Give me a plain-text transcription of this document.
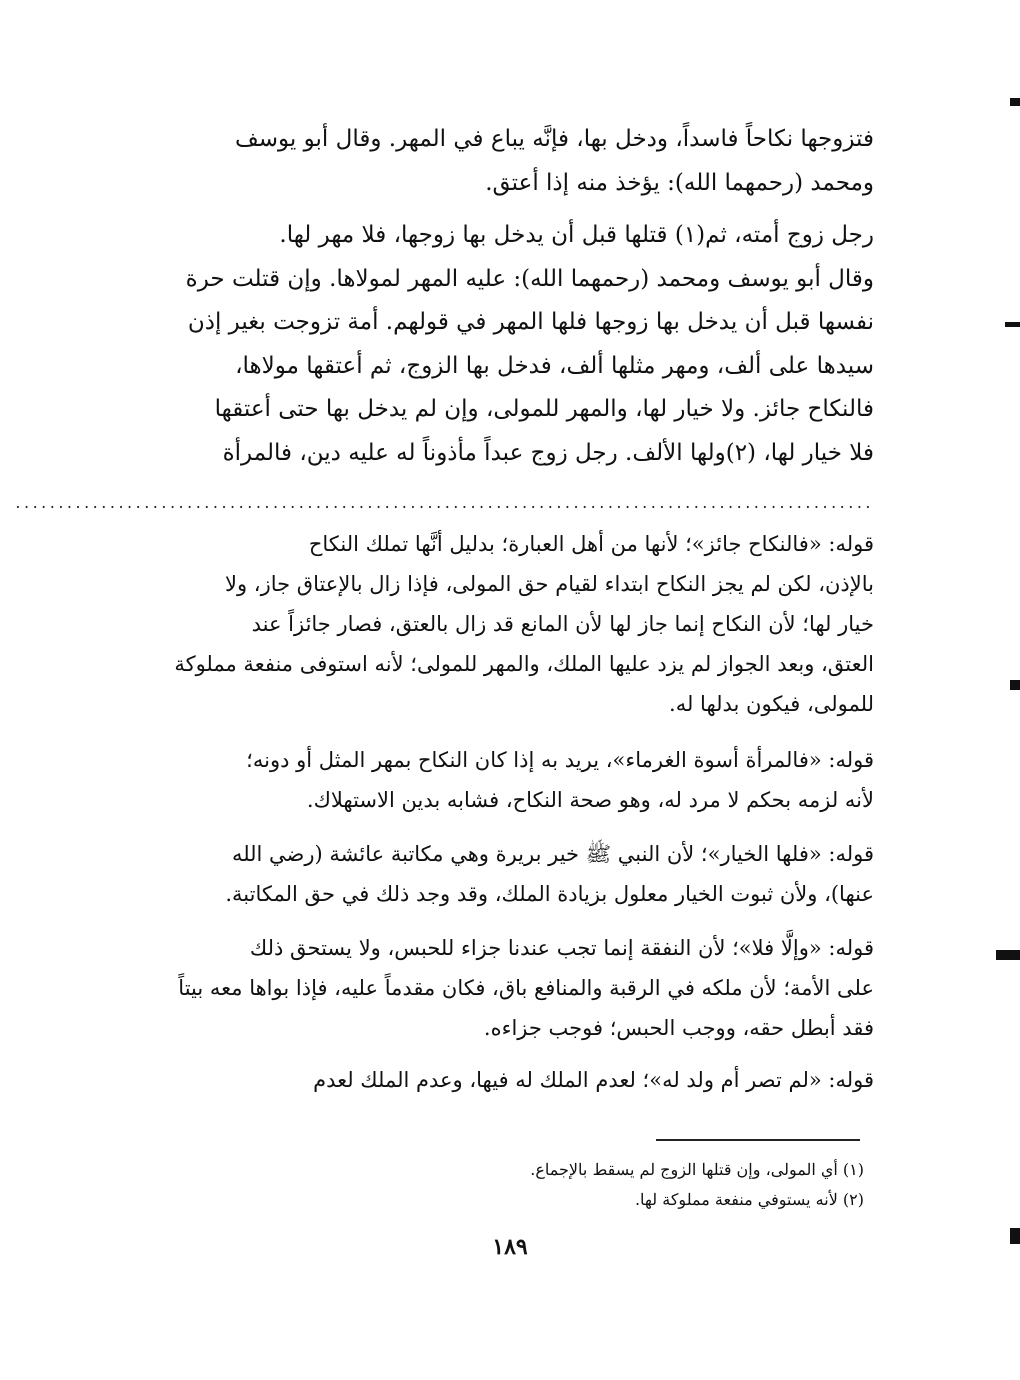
فتزوجها نكاحاً فاسداً، ودخل بها، فإنَّه يباع في المهر. وقال أبو يوسف
ومحمد (رحمهما الله): يؤخذ منه إذا أعتق.
رجل زوج أمته، ثم(١) قتلها قبل أن يدخل بها زوجها، فلا مهر لها.
وقال أبو يوسف ومحمد (رحمهما الله): عليه المهر لمولاها. وإن قتلت حرة
نفسها قبل أن يدخل بها زوجها فلها المهر في قولهم. أمة تزوجت بغير إذن
سيدها على ألف، ومهر مثلها ألف، فدخل بها الزوج، ثم أعتقها مولاها،
فالنكاح جائز. ولا خيار لها، والمهر للمولى، وإن لم يدخل بها حتى أعتقها
فلا خيار لها، (٢)ولها الألف. رجل زوج عبداً مأذوناً له عليه دين، فالمرأة
....................................................................................................
قوله: «فالنكاح جائز»؛ لأنها من أهل العبارة؛ بدليل أنَّها تملك النكاح
بالإذن، لكن لم يجز النكاح ابتداء لقيام حق المولى، فإذا زال بالإعتاق جاز، ولا
خيار لها؛ لأن النكاح إنما جاز لها لأن المانع قد زال بالعتق، فصار جائزاً عند
العتق، وبعد الجواز لم يزد عليها الملك، والمهر للمولى؛ لأنه استوفى منفعة مملوكة
للمولى، فيكون بدلها له.
قوله: «فالمرأة أسوة الغرماء»، يريد به إذا كان النكاح بمهر المثل أو دونه؛
لأنه لزمه بحكم لا مرد له، وهو صحة النكاح، فشابه بدين الاستهلاك.
قوله: «فلها الخيار»؛ لأن النبي ﷺ خير بريرة وهي مكاتبة عائشة (رضي الله
عنها)، ولأن ثبوت الخيار معلول بزيادة الملك، وقد وجد ذلك في حق المكاتبة.
قوله: «وإلَّا فلا»؛ لأن النفقة إنما تجب عندنا جزاء للحبس، ولا يستحق ذلك
على الأمة؛ لأن ملكه في الرقبة والمنافع باق، فكان مقدماً عليه، فإذا بواها معه بيتاً
فقد أبطل حقه، ووجب الحبس؛ فوجب جزاءه.
قوله: «لم تصر أم ولد له»؛ لعدم الملك له فيها، وعدم الملك لعدم
(١) أي المولى، وإن قتلها الزوج لم يسقط بالإجماع.
(٢) لأنه يستوفي منفعة مملوكة لها.
١٨٩
